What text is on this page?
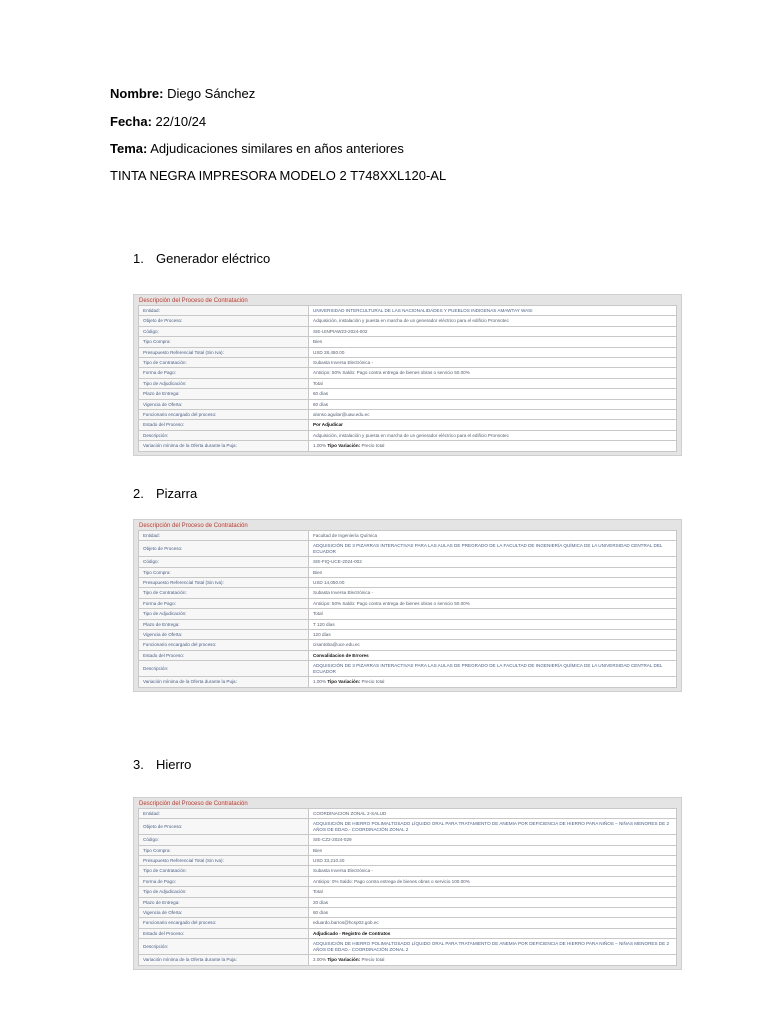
Nombre: Diego Sánchez
Fecha: 22/10/24
Tema: Adjudicaciones similares en años anteriores
TINTA NEGRA IMPRESORA MODELO 2 T748XXL120-AL
1. Generador eléctrico
Descripción del Proceso de Contratación
Entidad:	UNIVERSIDAD INTERCULTURAL DE LAS NACIONALIDADES Y PUEBLOS INDIGENAS AMAWTAY WASI
Objeto de Proceso:	Adquisición, instalación y puesta en marcha de un generador eléctrico para el edificio Pronnotec
Código:	SIE-UINPIAW23-2024-002
Tipo Compra:	Bien
Presupuesto Referencial Total (Sin Iva):	USD 28,450.00
Tipo de Contratación:	Subasta Inversa Electrónica -
Forma de Pago:	Anticipo: 50% Saldo: Pago contra entrega de bienes obras o servicio 50.00%
Tipo de Adjudicación:	Total
Plazo de Entrega:	60 días
Vigencia de Oferta:	60 días
Funcionario encargado del proceso:	alonso.aguilar@uaw.edu.ec
Estado del Proceso:	Por Adjudicar
Descripción:	Adquisición, instalación y puesta en marcha de un generador eléctrico para el edificio Pronnotec
Variación mínima de la Oferta durante la Puja:	1.00% Tipo Variación: Precio total
2. Pizarra
Descripción del Proceso de Contratación
Entidad:	Facultad de Ingeniería Química
Objeto de Proceso:	ADQUISICIÓN DE 3 PIZARRAS INTERACTIVAS PARA LAS AULAS DE PREGRADO DE LA FACULTAD DE INGENIERÍA QUÍMICA DE LA UNIVERSIDAD CENTRAL DEL ECUADOR
Código:	SIE-FIQ-UCE-2024-002
Tipo Compra:	Bien
Presupuesto Referencial Total (Sin Iva):	USD 14,050.00
Tipo de Contratación:	Subasta Inversa Electrónica -
Forma de Pago:	Anticipo: 50% Saldo: Pago contra entrega de bienes obras o servicio 50.00%
Tipo de Adjudicación:	Total
Plazo de Entrega:	T 120 días
Vigencia de Oferta:	120 días
Funcionario encargado del proceso:	cisantoba@uce.edu.ec
Estado del Proceso:	Convalidacion de Errores
Descripción:	ADQUISICIÓN DE 3 PIZARRAS INTERACTIVAS PARA LAS AULAS DE PREGRADO DE LA FACULTAD DE INGENIERÍA QUÍMICA DE LA UNIVERSIDAD CENTRAL DEL ECUADOR
Variación mínima de la Oferta durante la Puja:	1.00% Tipo Variación: Precio total
3. Hierro
Descripción del Proceso de Contratación
Entidad:	COORDINACION ZONAL 2-SALUD
Objeto de Proceso:	ADQUISICIÓN DE HIERRO POLIMALTOSADO LÍQUIDO ORAL PARA TRATAMIENTO DE ANEMIA POR DEFICIENCIA DE HIERRO PARA NIÑOS – NIÑAS MENORES DE 2 AÑOS DE EDAD.- COORDINACIÓN ZONAL 2
Código:	SIE-CZ2-2024-029
Tipo Compra:	Bien
Presupuesto Referencial Total (Sin Iva):	USD 33,210.40
Tipo de Contratación:	Subasta Inversa Electrónica -
Forma de Pago:	Anticipo: 0% Saldo: Pago contra entrega de bienes obras o servicio 100.00%
Tipo de Adjudicación:	Total
Plazo de Entrega:	20 días
Vigencia de Oferta:	60 días
Funcionario encargado del proceso:	eduardo.barros@hcsp02.gob.ec
Estado del Proceso:	Adjudicado - Registro de Contratos
Descripción:	ADQUISICIÓN DE HIERRO POLIMALTOSADO LÍQUIDO ORAL PARA TRATAMIENTO DE ANEMIA POR DEFICIENCIA DE HIERRO PARA NIÑOS – NIÑAS MENORES DE 2 AÑOS DE EDAD.- COORDINACIÓN ZONAL 2
Variación mínima de la Oferta durante la Puja:	2.00% Tipo Variación: Precio total
